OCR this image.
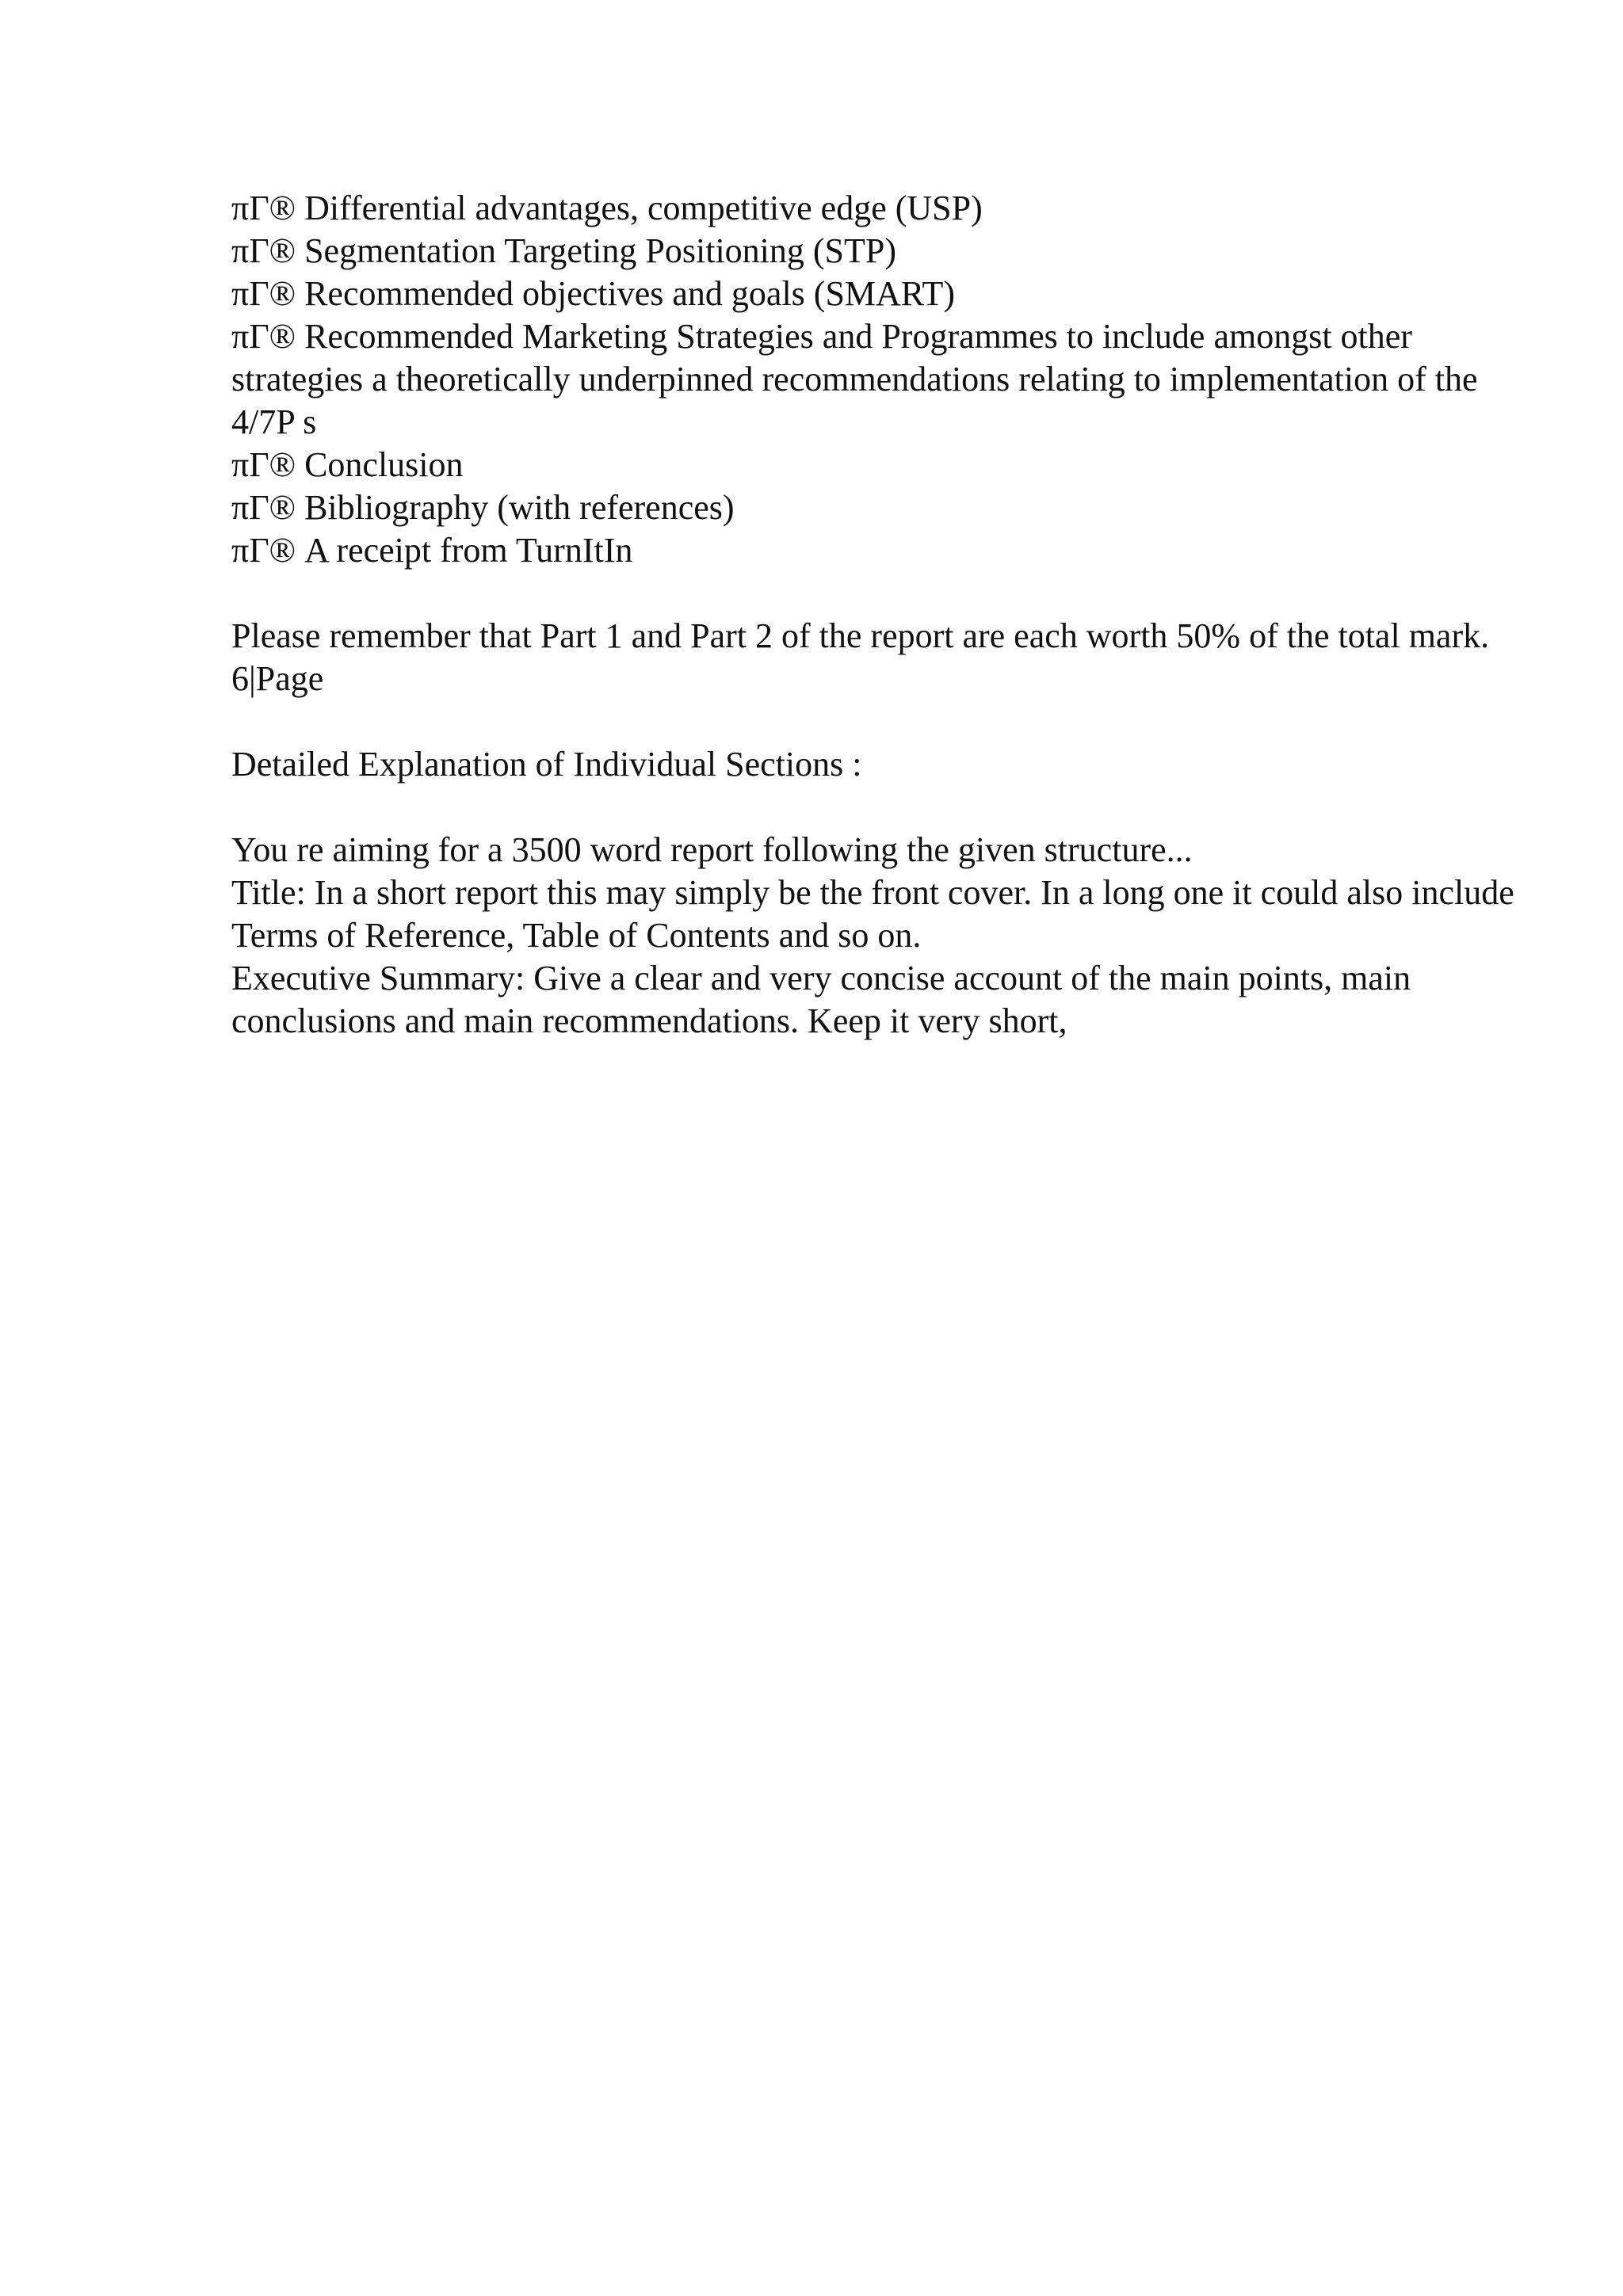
πΓ® Differential advantages, competitive edge (USP)

πΓ® Segmentation Targeting Positioning (STP)

πΓ® Recommended objectives and goals (SMART)

πΓ® Recommended Marketing Strategies and Programmes to include amongst other strategies a theoretically underpinned recommendations relating to implementation of the 4/7P s

πΓ® Conclusion

πΓ® Bibliography (with references)

πΓ® A receipt from TurnItIn

Please remember that Part 1 and Part 2 of the report are each worth 50% of the total mark. 6|Page

Detailed Explanation of Individual Sections :

You re aiming for a 3500 word report following the given structure...

Title: In a short report this may simply be the front cover. In a long one it could also include

Terms of Reference, Table of Contents and so on.

Executive Summary: Give a clear and very concise account of the main points, main conclusions and main recommendations. Keep it very short,
